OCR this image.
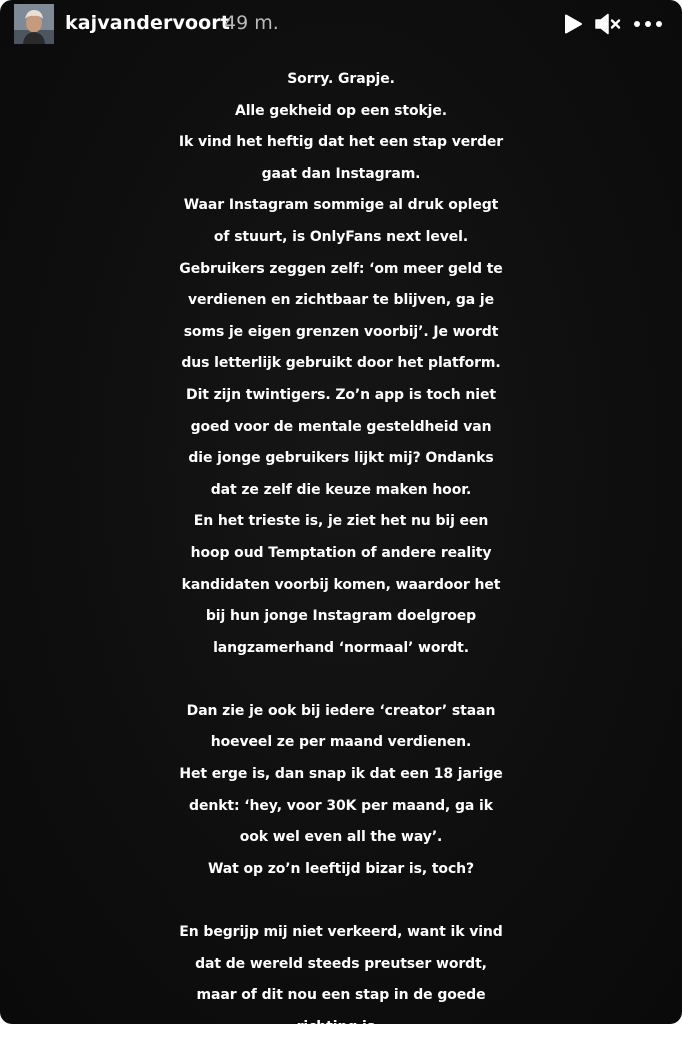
kajvandervoort
49 m.
Sorry. Grapje.
Alle gekheid op een stokje.
Ik vind het heftig dat het een stap verder
gaat dan Instagram.
Waar Instagram sommige al druk oplegt
of stuurt, is OnlyFans next level.
Gebruikers zeggen zelf: ‘om meer geld te
verdienen en zichtbaar te blijven, ga je
soms je eigen grenzen voorbij’. Je wordt
dus letterlijk gebruikt door het platform.
Dit zijn twintigers. Zo’n app is toch niet
goed voor de mentale gesteldheid van
die jonge gebruikers lijkt mij? Ondanks
dat ze zelf die keuze maken hoor.
En het trieste is, je ziet het nu bij een
hoop oud Temptation of andere reality
kandidaten voorbij komen, waardoor het
bij hun jonge Instagram doelgroep
langzamerhand ‘normaal’ wordt.
Dan zie je ook bij iedere ‘creator’ staan
hoeveel ze per maand verdienen.
Het erge is, dan snap ik dat een 18 jarige
denkt: ‘hey, voor 30K per maand, ga ik
ook wel even all the way’.
Wat op zo’n leeftijd bizar is, toch?
En begrijp mij niet verkeerd, want ik vind
dat de wereld steeds preutser wordt,
maar of dit nou een stap in de goede
richting is..
